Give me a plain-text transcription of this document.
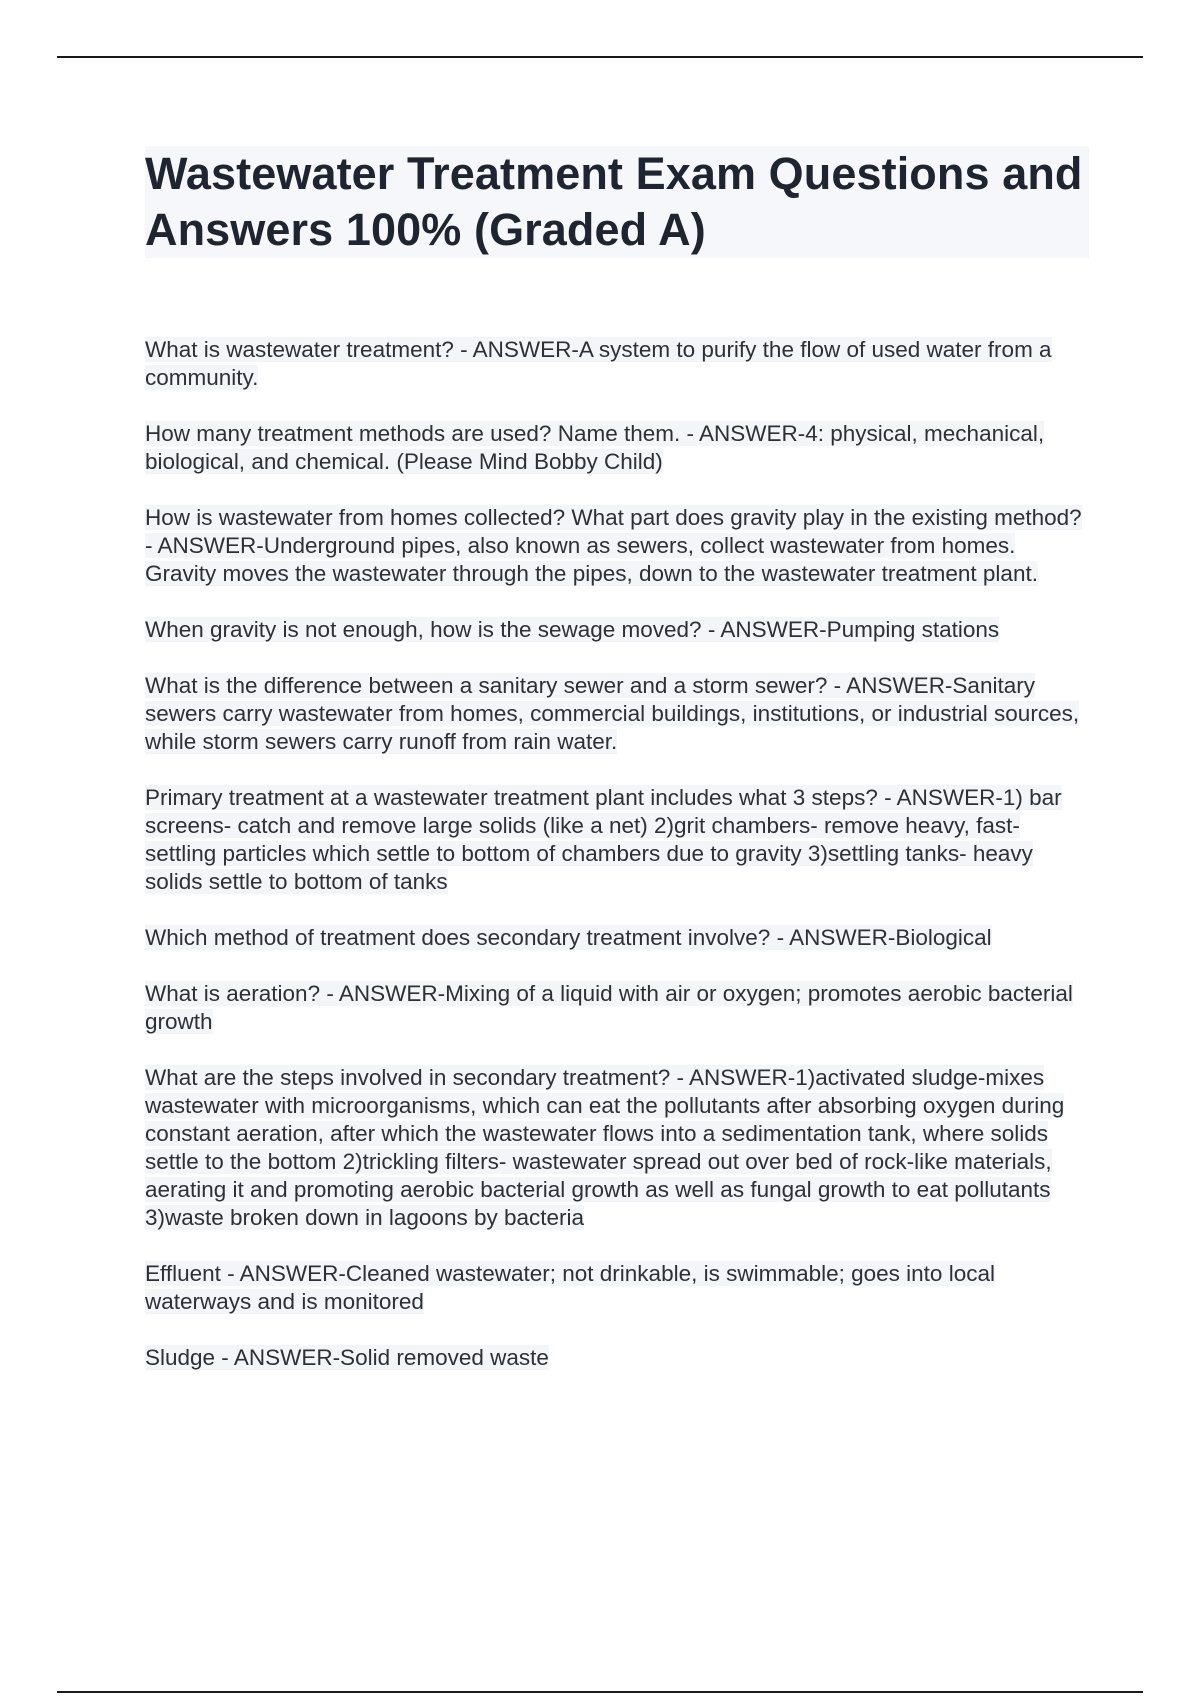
Wastewater Treatment Exam Questions and Answers 100% (Graded A)

What is wastewater treatment? - ANSWER-A system to purify the flow of used water from a community.

How many treatment methods are used? Name them. - ANSWER-4: physical, mechanical, biological, and chemical. (Please Mind Bobby Child)

How is wastewater from homes collected? What part does gravity play in the existing method? - ANSWER-Underground pipes, also known as sewers, collect wastewater from homes. Gravity moves the wastewater through the pipes, down to the wastewater treatment plant.

When gravity is not enough, how is the sewage moved? - ANSWER-Pumping stations

What is the difference between a sanitary sewer and a storm sewer? - ANSWER-Sanitary sewers carry wastewater from homes, commercial buildings, institutions, or industrial sources, while storm sewers carry runoff from rain water.

Primary treatment at a wastewater treatment plant includes what 3 steps? - ANSWER-1) bar screens- catch and remove large solids (like a net) 2)grit chambers- remove heavy, fast-settling particles which settle to bottom of chambers due to gravity 3)settling tanks- heavy solids settle to bottom of tanks

Which method of treatment does secondary treatment involve? - ANSWER-Biological

What is aeration? - ANSWER-Mixing of a liquid with air or oxygen; promotes aerobic bacterial growth

What are the steps involved in secondary treatment? - ANSWER-1)activated sludge-mixes wastewater with microorganisms, which can eat the pollutants after absorbing oxygen during constant aeration, after which the wastewater flows into a sedimentation tank, where solids settle to the bottom 2)trickling filters- wastewater spread out over bed of rock-like materials, aerating it and promoting aerobic bacterial growth as well as fungal growth to eat pollutants 3)waste broken down in lagoons by bacteria

Effluent - ANSWER-Cleaned wastewater; not drinkable, is swimmable; goes into local waterways and is monitored

Sludge - ANSWER-Solid removed waste
